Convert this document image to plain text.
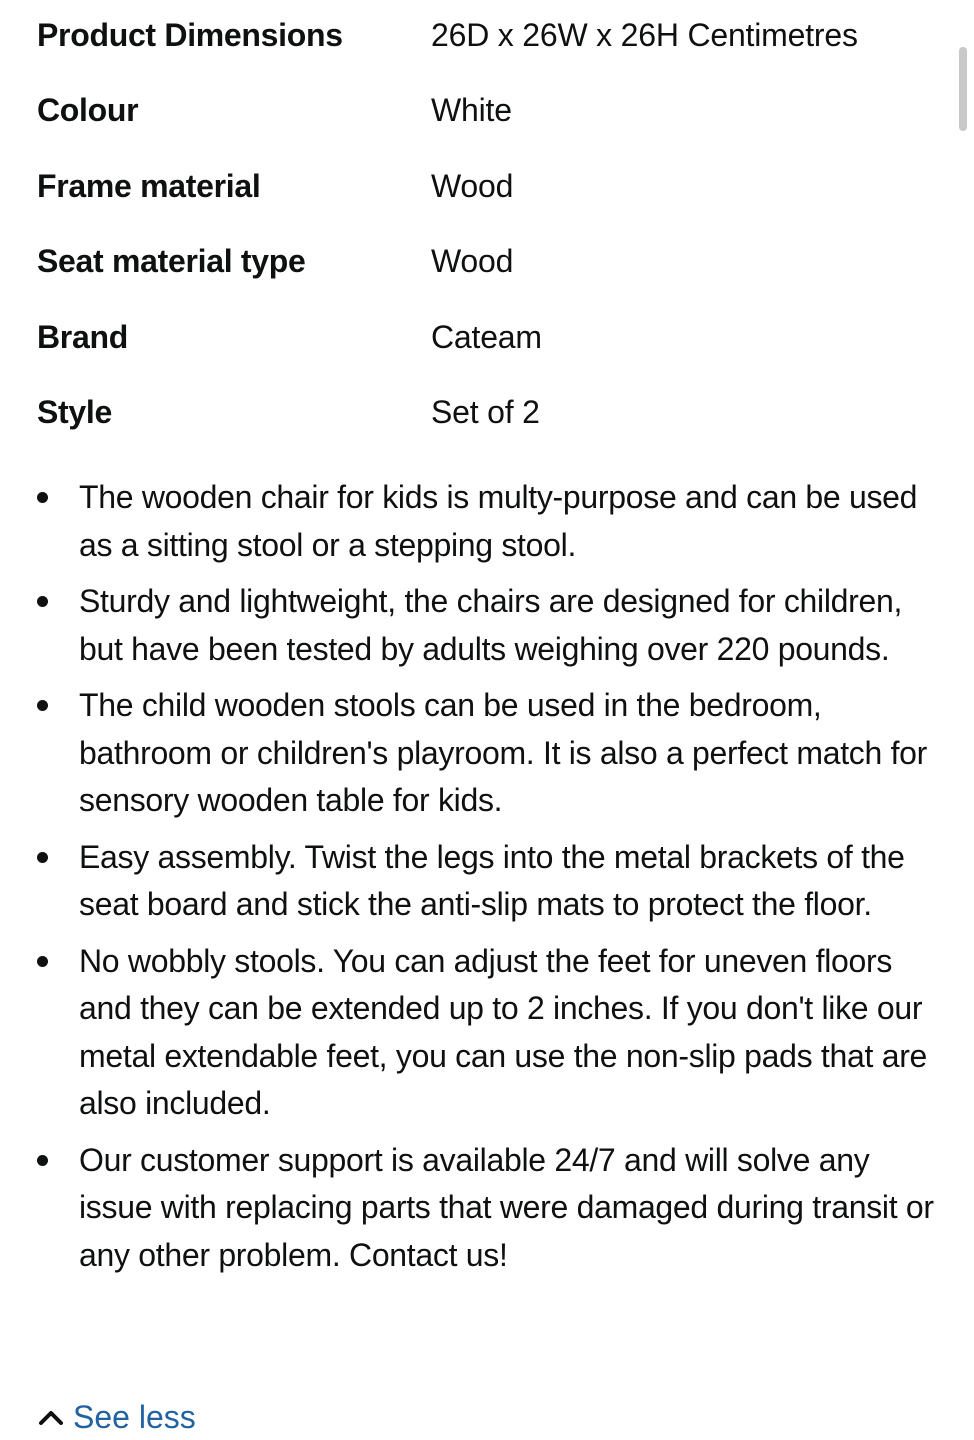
Product Dimensions	26D x 26W x 26H Centimetres
Colour	White
Frame material	Wood
Seat material type	Wood
Brand	Cateam
Style	Set of 2
The wooden chair for kids is multy-purpose and can be used as a sitting stool or a stepping stool.
Sturdy and lightweight, the chairs are designed for children, but have been tested by adults weighing over 220 pounds.
The child wooden stools can be used in the bedroom, bathroom or children's playroom. It is also a perfect match for sensory wooden table for kids.
Easy assembly. Twist the legs into the metal brackets of the seat board and stick the anti-slip mats to protect the floor.
No wobbly stools. You can adjust the feet for uneven floors and they can be extended up to 2 inches. If you don't like our metal extendable feet, you can use the non-slip pads that are also included.
Our customer support is available 24/7 and will solve any issue with replacing parts that were damaged during transit or any other problem. Contact us!
See less
